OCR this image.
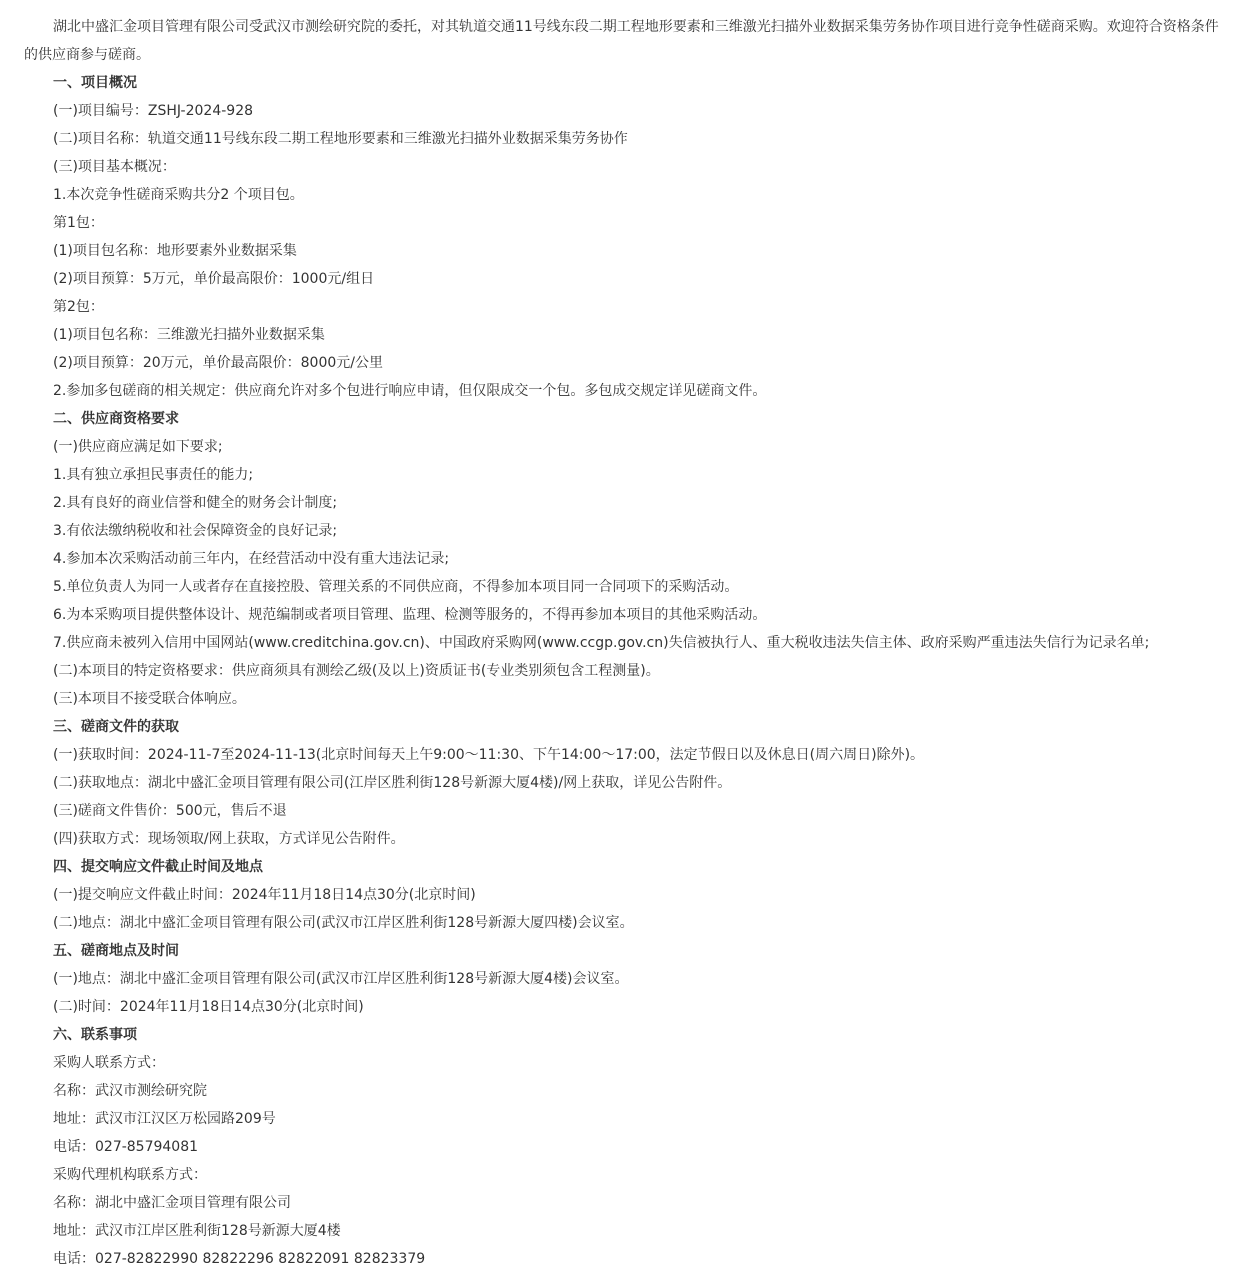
湖北中盛汇金项目管理有限公司受武汉市测绘研究院的委托，对其轨道交通11号线东段二期工程地形要素和三维激光扫描外业数据采集劳务协作项目进行竞争性磋商采购。欢迎符合资格条件的供应商参与磋商。

一、项目概况
(一)项目编号：ZSHJ-2024-928
(二)项目名称：轨道交通11号线东段二期工程地形要素和三维激光扫描外业数据采集劳务协作
(三)项目基本概况：
1.本次竞争性磋商采购共分2 个项目包。
第1包：
(1)项目包名称：地形要素外业数据采集
(2)项目预算：5万元，单价最高限价：1000元/组日
第2包：
(1)项目包名称：三维激光扫描外业数据采集
(2)项目预算：20万元，单价最高限价：8000元/公里
2.参加多包磋商的相关规定：供应商允许对多个包进行响应申请，但仅限成交一个包。多包成交规定详见磋商文件。
二、供应商资格要求
(一)供应商应满足如下要求;
1.具有独立承担民事责任的能力;
2.具有良好的商业信誉和健全的财务会计制度;
3.有依法缴纳税收和社会保障资金的良好记录;
4.参加本次采购活动前三年内，在经营活动中没有重大违法记录;
5.单位负责人为同一人或者存在直接控股、管理关系的不同供应商，不得参加本项目同一合同项下的采购活动。
6.为本采购项目提供整体设计、规范编制或者项目管理、监理、检测等服务的，不得再参加本项目的其他采购活动。
7.供应商未被列入信用中国网站(www.creditchina.gov.cn)、中国政府采购网(www.ccgp.gov.cn)失信被执行人、重大税收违法失信主体、政府采购严重违法失信行为记录名单;
(二)本项目的特定资格要求：供应商须具有测绘乙级(及以上)资质证书(专业类别须包含工程测量)。
(三)本项目不接受联合体响应。
三、磋商文件的获取
(一)获取时间：2024-11-7至2024-11-13(北京时间每天上午9:00～11:30、下午14:00～17:00，法定节假日以及休息日(周六周日)除外)。
(二)获取地点：湖北中盛汇金项目管理有限公司(江岸区胜利街128号新源大厦4楼)/网上获取，详见公告附件。
(三)磋商文件售价：500元，售后不退
(四)获取方式：现场领取/网上获取，方式详见公告附件。
四、提交响应文件截止时间及地点
(一)提交响应文件截止时间：2024年11月18日14点30分(北京时间)
(二)地点：湖北中盛汇金项目管理有限公司(武汉市江岸区胜利街128号新源大厦四楼)会议室。
五、磋商地点及时间
(一)地点：湖北中盛汇金项目管理有限公司(武汉市江岸区胜利街128号新源大厦4楼)会议室。
(二)时间：2024年11月18日14点30分(北京时间)
六、联系事项
采购人联系方式：
名称：武汉市测绘研究院
地址：武汉市江汉区万松园路209号
电话：027-85794081
采购代理机构联系方式：
名称：湖北中盛汇金项目管理有限公司
地址：武汉市江岸区胜利街128号新源大厦4楼
电话：027-82822990 82822296 82822091 82823379
